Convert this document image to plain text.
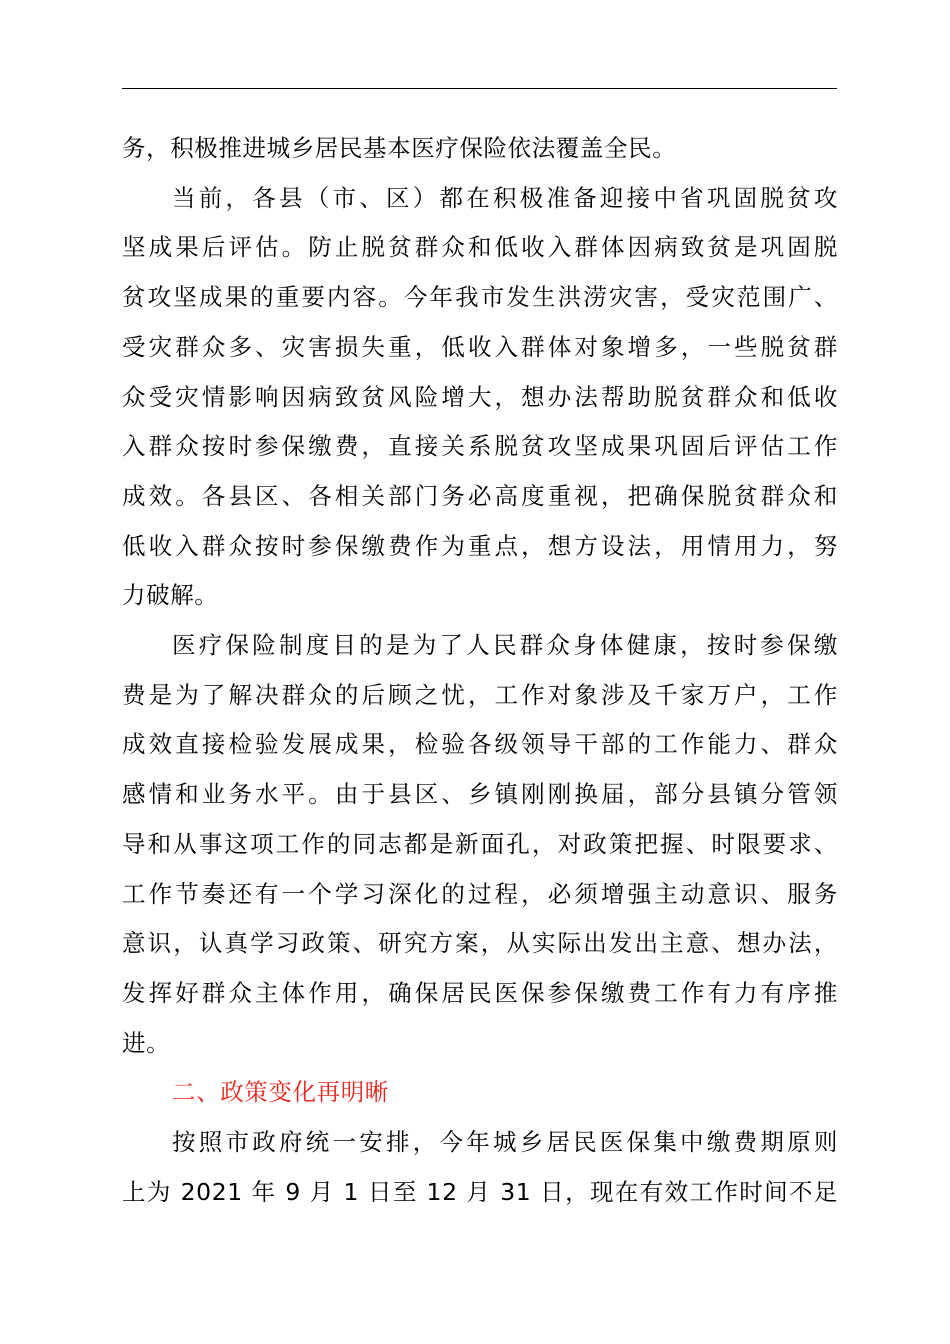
务，积极推进城乡居民基本医疗保险依法覆盖全民。

当前，各县（市、区）都在积极准备迎接中省巩固脱贫攻
坚成果后评估。防止脱贫群众和低收入群体因病致贫是巩固脱
贫攻坚成果的重要内容。今年我市发生洪涝灾害，受灾范围广、
受灾群众多、灾害损失重，低收入群体对象增多，一些脱贫群
众受灾情影响因病致贫风险增大，想办法帮助脱贫群众和低收
入群众按时参保缴费，直接关系脱贫攻坚成果巩固后评估工作
成效。各县区、各相关部门务必高度重视，把确保脱贫群众和
低收入群众按时参保缴费作为重点，想方设法，用情用力，努
力破解。

医疗保险制度目的是为了人民群众身体健康，按时参保缴
费是为了解决群众的后顾之忧，工作对象涉及千家万户，工作
成效直接检验发展成果，检验各级领导干部的工作能力、群众
感情和业务水平。由于县区、乡镇刚刚换届，部分县镇分管领
导和从事这项工作的同志都是新面孔，对政策把握、时限要求、
工作节奏还有一个学习深化的过程，必须增强主动意识、服务
意识，认真学习政策、研究方案，从实际出发出主意、想办法，
发挥好群众主体作用，确保居民医保参保缴费工作有力有序推
进。

二、政策变化再明晰

按照市政府统一安排，今年城乡居民医保集中缴费期原则
上为 2021 年 9 月 1 日至 12 月 31 日，现在有效工作时间不足
